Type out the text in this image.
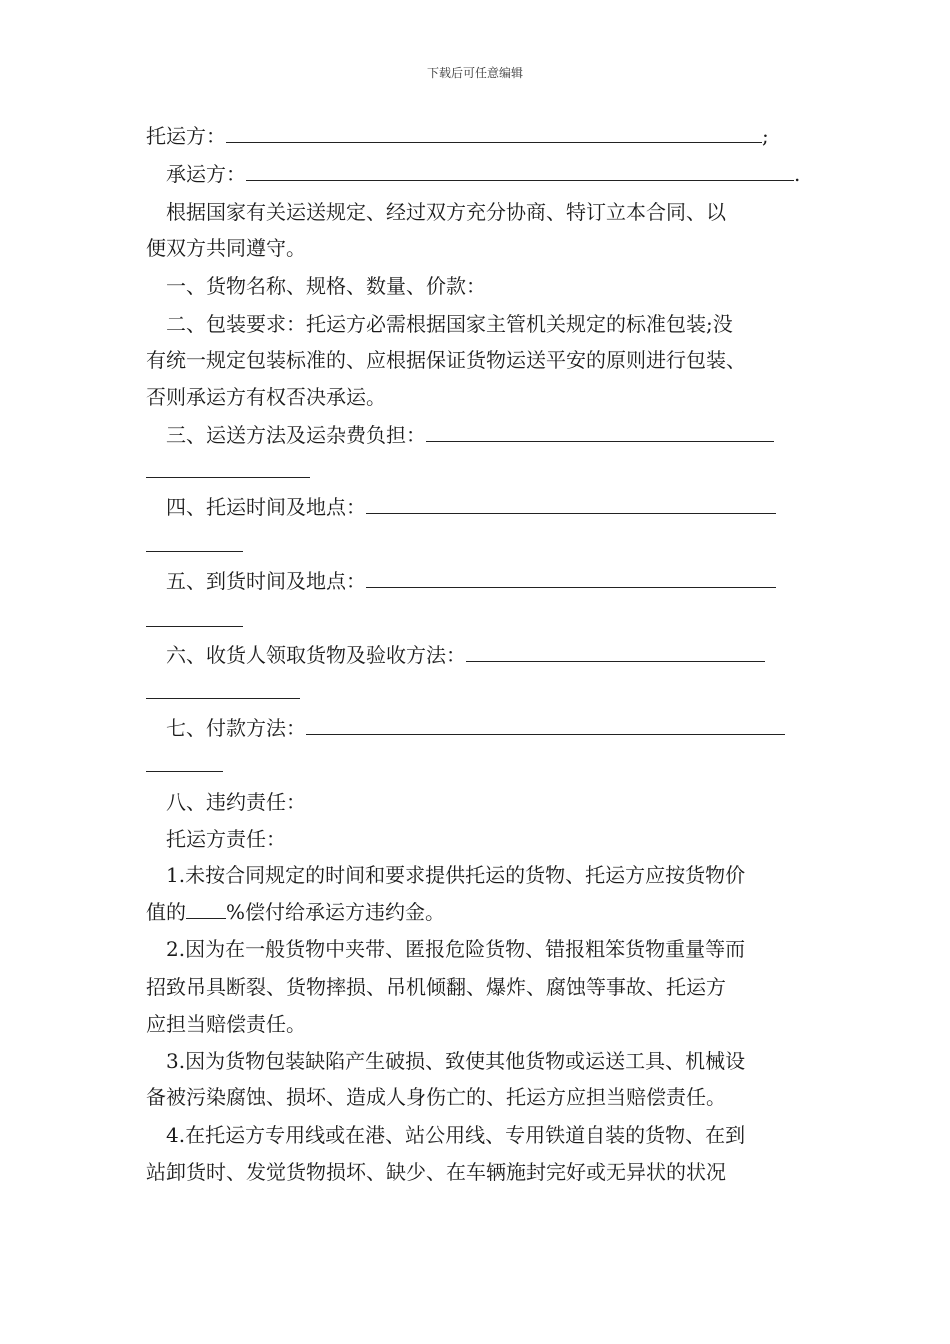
下载后可任意编辑
托运方：	;
承运方：	.
根据国家有关运送规定、经过双方充分协商、特订立本合同、以
便双方共同遵守。
一、货物名称、规格、数量、价款：
二、包装要求：托运方必需根据国家主管机关规定的标准包装;没
有统一规定包装标准的、应根据保证货物运送平安的原则进行包装、
否则承运方有权否决承运。
三、运送方法及运杂费负担：
四、托运时间及地点：
五、到货时间及地点：
六、收货人领取货物及验收方法：
七、付款方法：
八、违约责任：
托运方责任：
1.未按合同规定的时间和要求提供托运的货物、托运方应按货物价
值的 %偿付给承运方违约金。
2.因为在一般货物中夹带、匿报危险货物、错报粗笨货物重量等而
招致吊具断裂、货物摔损、吊机倾翻、爆炸、腐蚀等事故、托运方
应担当赔偿责任。
3.因为货物包装缺陷产生破损、致使其他货物或运送工具、机械设
备被污染腐蚀、损坏、造成人身伤亡的、托运方应担当赔偿责任。
4.在托运方专用线或在港、站公用线、专用铁道自装的货物、在到
站卸货时、发觉货物损坏、缺少、在车辆施封完好或无异状的状况
